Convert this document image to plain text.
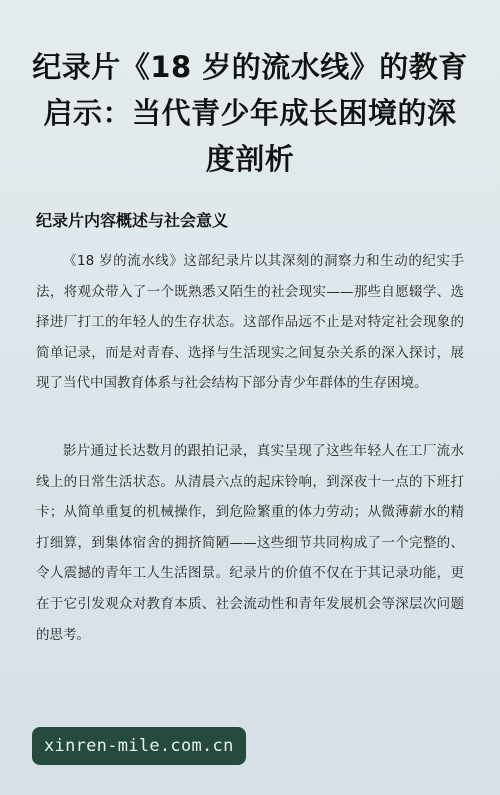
纪录片《18 岁的流水线》的教育启示：当代青少年成长困境的深度剖析
纪录片内容概述与社会意义

《18 岁的流水线》这部纪录片以其深刻的洞察力和生动的纪实手法，将观众带入了一个既熟悉又陌生的社会现实——那些自愿辍学、选择进厂打工的年轻人的生存状态。这部作品远不止是对特定社会现象的简单记录，而是对青春、选择与生活现实之间复杂关系的深入探讨，展现了当代中国教育体系与社会结构下部分青少年群体的生存困境。

影片通过长达数月的跟拍记录，真实呈现了这些年轻人在工厂流水线上的日常生活状态。从清晨六点的起床铃响，到深夜十一点的下班打卡；从简单重复的机械操作，到危险繁重的体力劳动；从微薄薪水的精打细算，到集体宿舍的拥挤简陋——这些细节共同构成了一个完整的、令人震撼的青年工人生活图景。纪录片的价值不仅在于其记录功能，更在于它引发观众对教育本质、社会流动性和青年发展机会等深层次问题的思考。

xinren-mile.com.cn
